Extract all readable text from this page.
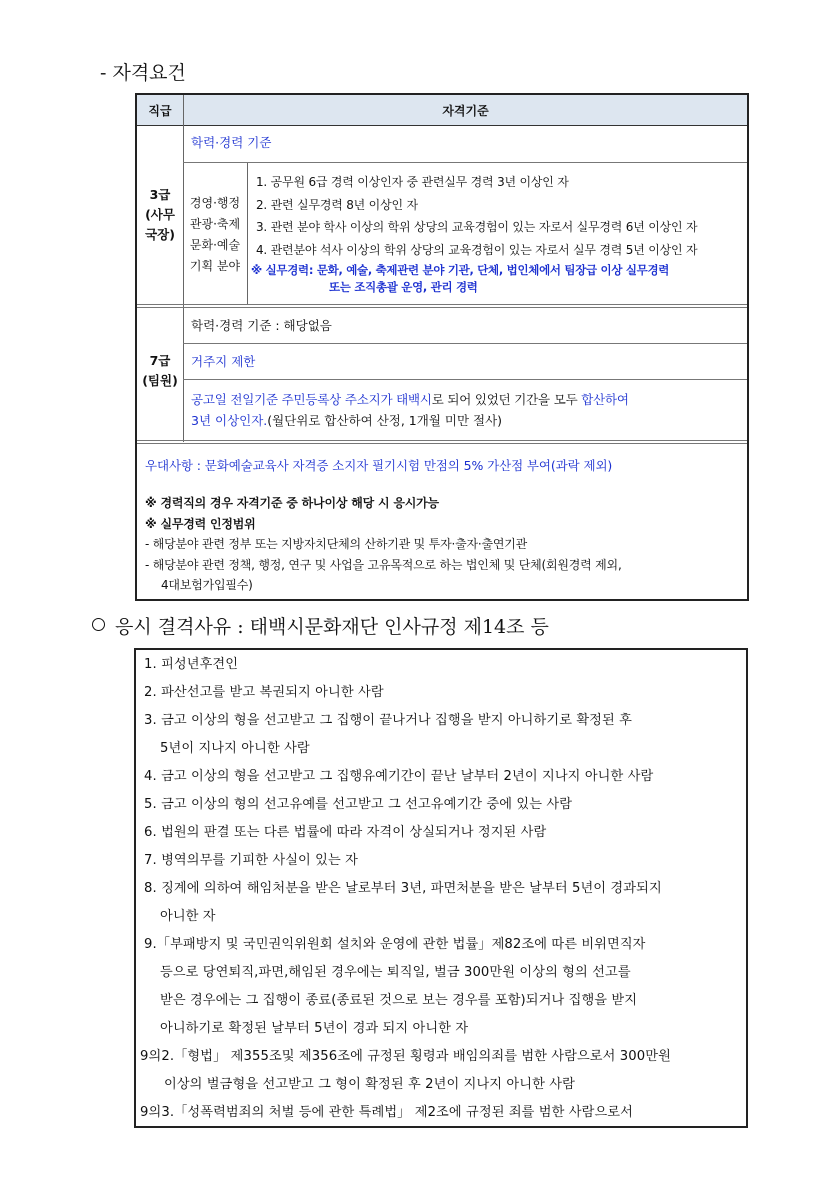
- 자격요건
직급	자격기준
3급
(사무
국장)
학력·경력 기준
경영·행정
관광·축제
문화·예술
기획 분야
1. 공무원 6급 경력 이상인자 중 관련실무 경력 3년 이상인 자
2. 관련 실무경력 8년 이상인 자
3. 관련 분야 학사 이상의 학위 상당의 교육경험이 있는 자로서 실무경력 6년 이상인 자
4. 관련분야 석사 이상의 학위 상당의 교육경험이 있는 자로서 실무 경력 5년 이상인 자
※ 실무경력: 문화, 예술, 축제관련 분야 기관, 단체, 법인체에서 팀장급 이상 실무경력
또는 조직총괄 운영, 관리 경력
7급
(팀원)
학력·경력 기준 : 해당없음
거주지 제한
공고일 전일기준 주민등록상 주소지가 태백시로 되어 있었던 기간을 모두 합산하여
3년 이상인자.(월단위로 합산하여 산정, 1개월 미만 절사)
우대사항 : 문화예술교육사 자격증 소지자 필기시험 만점의 5% 가산점 부여(과락 제외)
※ 경력직의 경우 자격기준 중 하나이상 해당 시 응시가능
※ 실무경력 인정범위
- 해당분야 관련 정부 또는 지방자치단체의 산하기관 및 투자·출자·출연기관
- 해당분야 관련 정책, 행정, 연구 및 사업을 고유목적으로 하는 법인체 및 단체(회원경력 제외,
4대보험가입필수)
응시 결격사유 : 태백시문화재단 인사규정 제14조 등
1. 피성년후견인
2. 파산선고를 받고 복권되지 아니한 사람
3. 금고 이상의 형을 선고받고 그 집행이 끝나거나 집행을 받지 아니하기로 확정된 후
5년이 지나지 아니한 사람
4. 금고 이상의 형을 선고받고 그 집행유예기간이 끝난 날부터 2년이 지나지 아니한 사람
5. 금고 이상의 형의 선고유예를 선고받고 그 선고유예기간 중에 있는 사람
6. 법원의 판결 또는 다른 법률에 따라 자격이 상실되거나 정지된 사람
7. 병역의무를 기피한 사실이 있는 자
8. 징계에 의하여 해임처분을 받은 날로부터 3년, 파면처분을 받은 날부터 5년이 경과되지
아니한 자
9.「부패방지 및 국민권익위원회 설치와 운영에 관한 법률」제82조에 따른 비위면직자
등으로 당연퇴직,파면,해임된 경우에는 퇴직일, 벌금 300만원 이상의 형의 선고를
받은 경우에는 그 집행이 종료(종료된 것으로 보는 경우를 포함)되거나 집행을 받지
아니하기로 확정된 날부터 5년이 경과 되지 아니한 자
9의2.「형법」 제355조및 제356조에 규정된 횡령과 배임의죄를 범한 사람으로서 300만원
이상의 벌금형을 선고받고 그 형이 확정된 후 2년이 지나지 아니한 사람
9의3.「성폭력범죄의 처벌 등에 관한 특례법」 제2조에 규정된 죄를 범한 사람으로서
